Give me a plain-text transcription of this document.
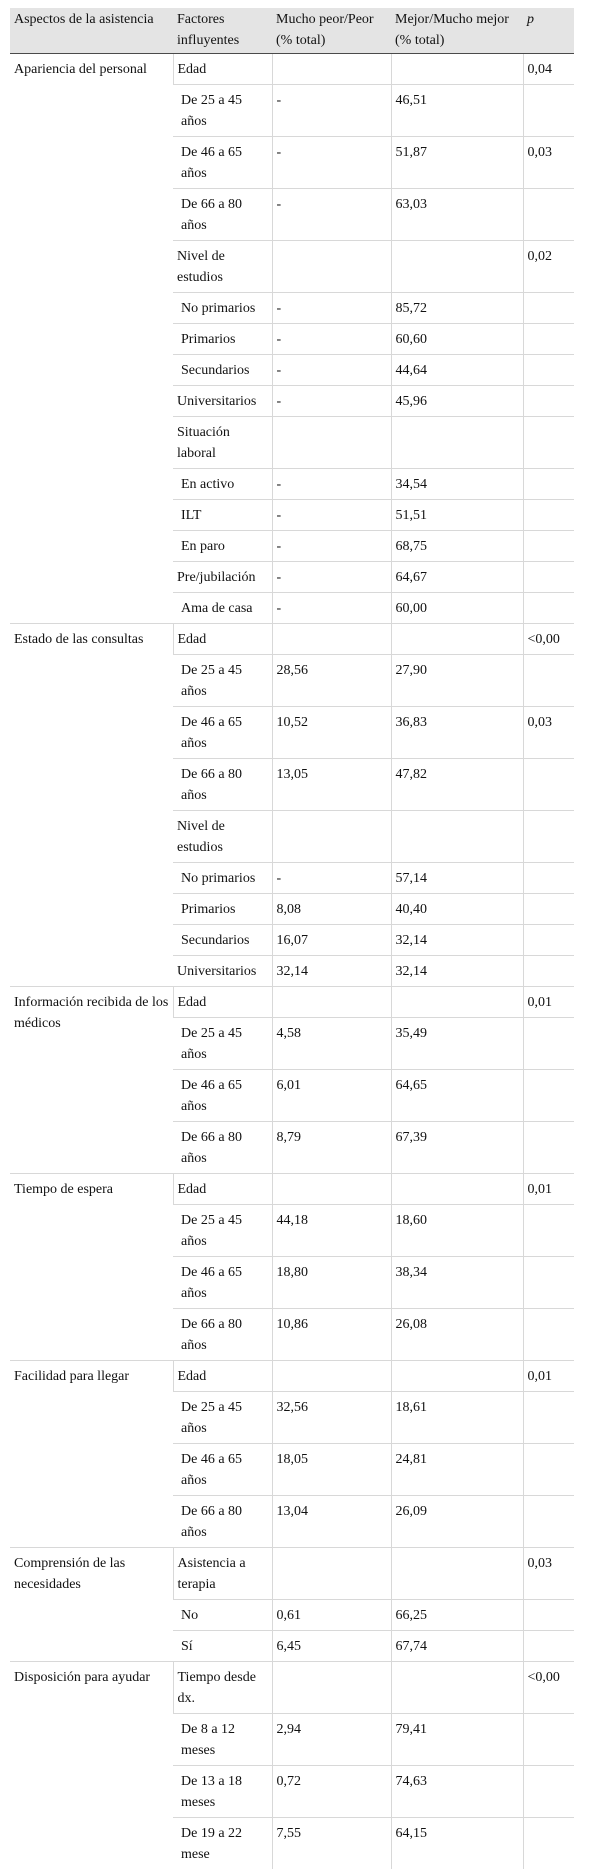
Aspectos de la asistencia	Factores influyentes	Mucho peor/Peor (% total)	Mejor/Mucho mejor (% total)	p
Apariencia del personal	Edad			0,04
	De 25 a 45 años	-	46,51	
	De 46 a 65 años	-	51,87	0,03
	De 66 a 80 años	-	63,03	
	Nivel de estudios			0,02
	No primarios	-	85,72	
	Primarios	-	60,60	
	Secundarios	-	44,64	
	Universitarios	-	45,96	
	Situación laboral			
	En activo	-	34,54	
	ILT	-	51,51	
	En paro	-	68,75	
	Pre/jubilación	-	64,67	
	Ama de casa	-	60,00	
Estado de las consultas	Edad			<0,00
	De 25 a 45 años	28,56	27,90	
	De 46 a 65 años	10,52	36,83	0,03
	De 66 a 80 años	13,05	47,82	
	Nivel de estudios			
	No primarios	-	57,14	
	Primarios	8,08	40,40	
	Secundarios	16,07	32,14	
	Universitarios	32,14	32,14	
Información recibida de los médicos	Edad			0,01
	De 25 a 45 años	4,58	35,49	
	De 46 a 65 años	6,01	64,65	
	De 66 a 80 años	8,79	67,39	
Tiempo de espera	Edad			0,01
	De 25 a 45 años	44,18	18,60	
	De 46 a 65 años	18,80	38,34	
	De 66 a 80 años	10,86	26,08	
Facilidad para llegar	Edad			0,01
	De 25 a 45 años	32,56	18,61	
	De 46 a 65 años	18,05	24,81	
	De 66 a 80 años	13,04	26,09	
Comprensión de las necesidades	Asistencia a terapia			0,03
	No	0,61	66,25	
	Sí	6,45	67,74	
Disposición para ayudar	Tiempo desde dx.			<0,00
	De 8 a 12 meses	2,94	79,41	
	De 13 a 18 meses	0,72	74,63	
	De 19 a 22 mese	7,55	64,15	
